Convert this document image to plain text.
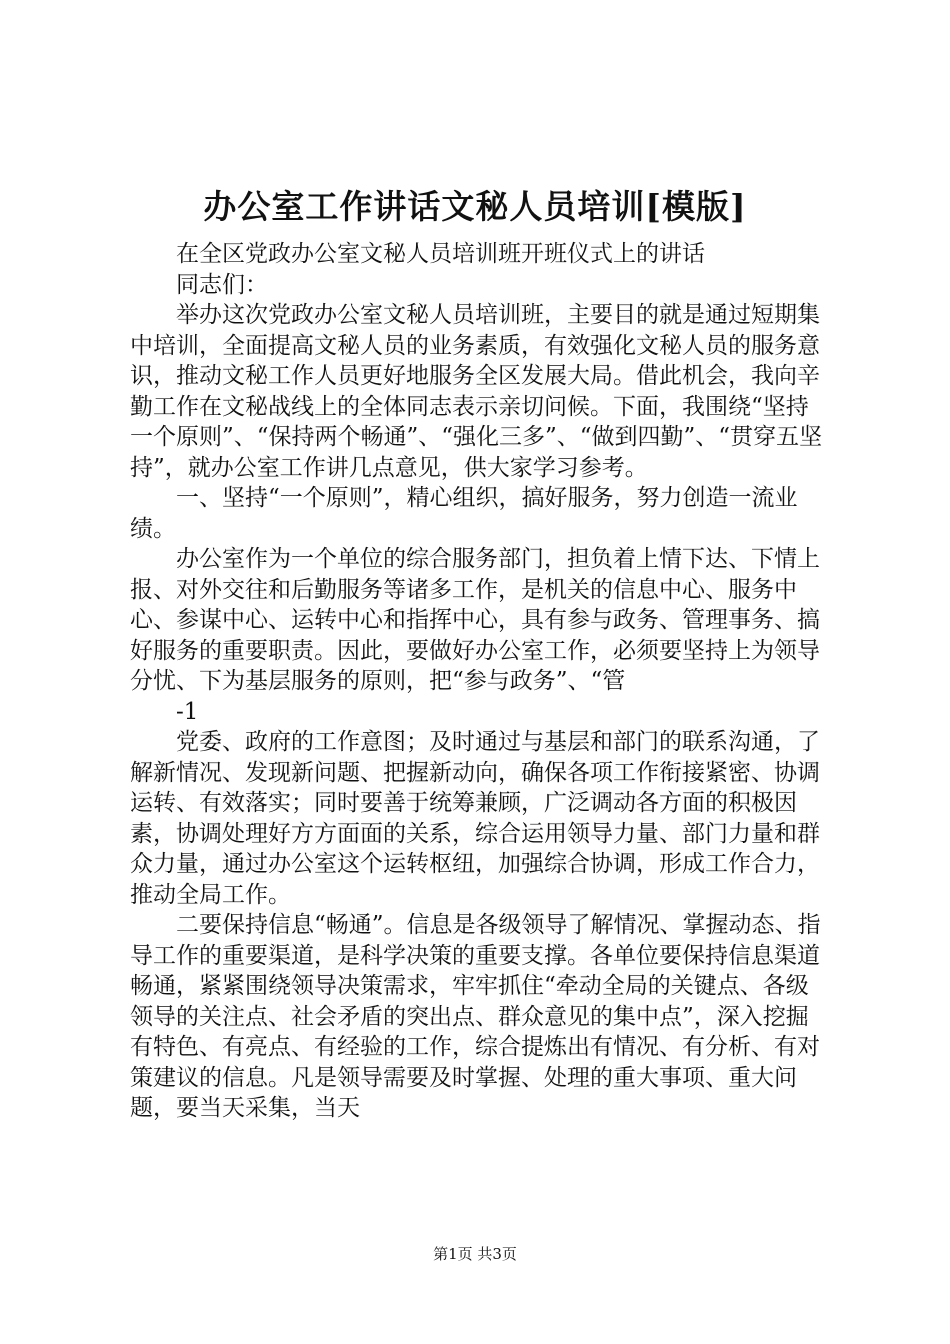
办公室工作讲话文秘人员培训[模版]

在全区党政办公室文秘人员培训班开班仪式上的讲话

同志们：

举办这次党政办公室文秘人员培训班，主要目的就是通过短期集中培训，全面提高文秘人员的业务素质，有效强化文秘人员的服务意识，推动文秘工作人员更好地服务全区发展大局。借此机会，我向辛勤工作在文秘战线上的全体同志表示亲切问候。下面，我围绕“坚持一个原则”、“保持两个畅通”、“强化三多”、“做到四勤”、“贯穿五坚持”，就办公室工作讲几点意见，供大家学习参考。

一、坚持“一个原则”，精心组织，搞好服务，努力创造一流业绩。

办公室作为一个单位的综合服务部门，担负着上情下达、下情上报、对外交往和后勤服务等诸多工作，是机关的信息中心、服务中心、参谋中心、运转中心和指挥中心，具有参与政务、管理事务、搞好服务的重要职责。因此，要做好办公室工作，必须要坚持上为领导分忧、下为基层服务的原则，把“参与政务”、“管

-1

党委、政府的工作意图；及时通过与基层和部门的联系沟通，了解新情况、发现新问题、把握新动向，确保各项工作衔接紧密、协调运转、有效落实；同时要善于统筹兼顾，广泛调动各方面的积极因素，协调处理好方方面面的关系，综合运用领导力量、部门力量和群众力量，通过办公室这个运转枢纽，加强综合协调，形成工作合力，推动全局工作。

二要保持信息“畅通”。信息是各级领导了解情况、掌握动态、指导工作的重要渠道，是科学决策的重要支撑。各单位要保持信息渠道畅通，紧紧围绕领导决策需求，牢牢抓住“牵动全局的关键点、各级领导的关注点、社会矛盾的突出点、群众意见的集中点”，深入挖掘有特色、有亮点、有经验的工作，综合提炼出有情况、有分析、有对策建议的信息。凡是领导需要及时掌握、处理的重大事项、重大问题，要当天采集，当天

第1页 共3页
